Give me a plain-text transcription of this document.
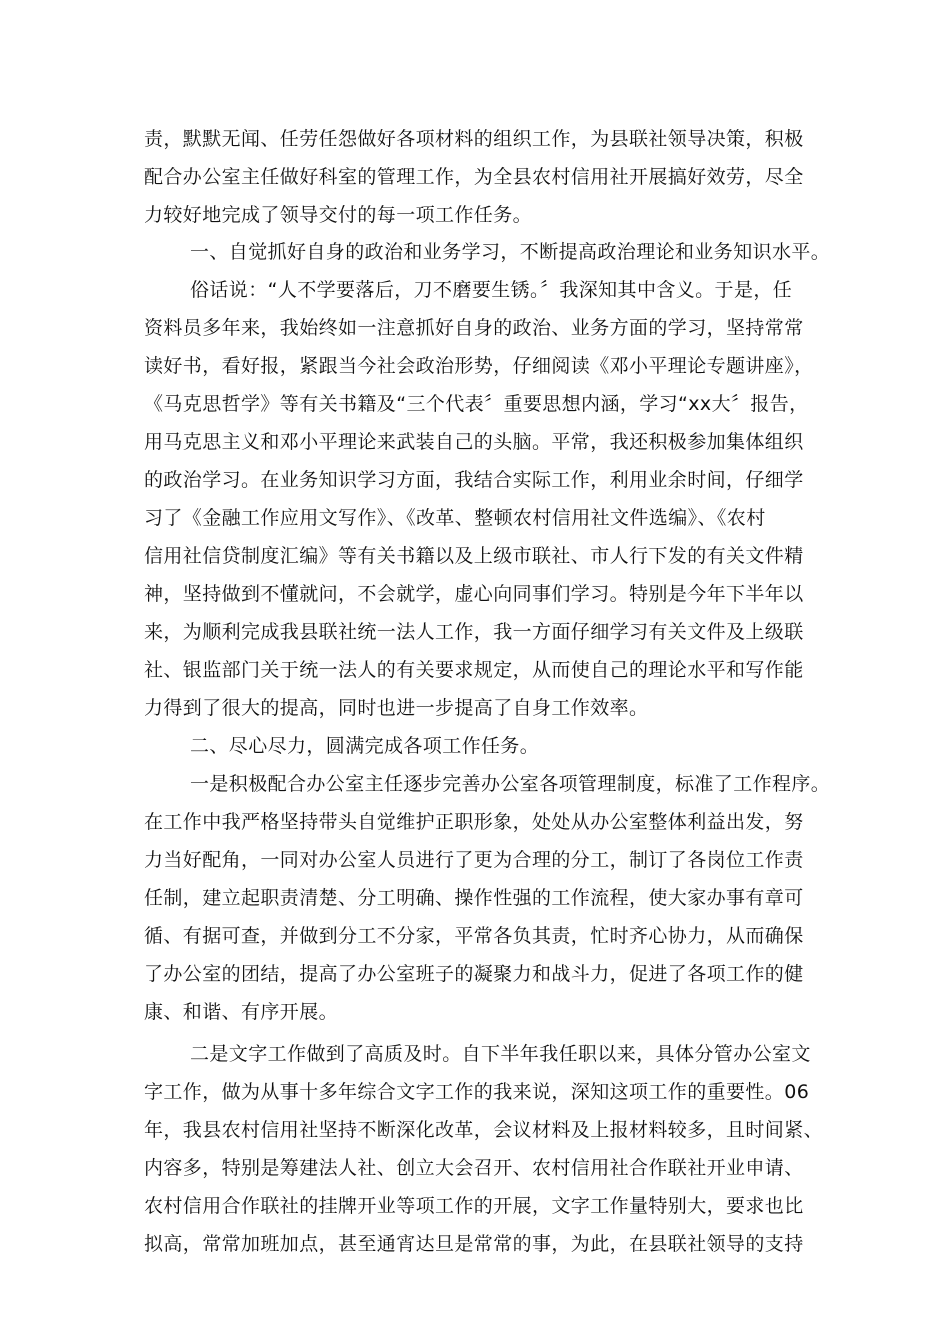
责，默默无闻、任劳任怨做好各项材料的组织工作，为县联社领导决策，积极
配合办公室主任做好科室的管理工作，为全县农村信用社开展搞好效劳，尽全
力较好地完成了领导交付的每一项工作任务。
一、自觉抓好自身的政治和业务学习，不断提高政治理论和业务知识水平。
俗话说：“人不学要落后，刀不磨要生锈。〞我深知其中含义。于是，任
资料员多年来，我始终如一注意抓好自身的政治、业务方面的学习，坚持常常
读好书，看好报，紧跟当今社会政治形势，仔细阅读《邓小平理论专题讲座》，
《马克思哲学》等有关书籍及“三个代表〞重要思想内涵，学习“xx大〞报告，
用马克思主义和邓小平理论来武装自己的头脑。平常，我还积极参加集体组织
的政治学习。在业务知识学习方面，我结合实际工作，利用业余时间，仔细学
习了《金融工作应用文写作》、《改革、整顿农村信用社文件选编》、《农村
信用社信贷制度汇编》等有关书籍以及上级市联社、市人行下发的有关文件精
神，坚持做到不懂就问，不会就学，虚心向同事们学习。特别是今年下半年以
来，为顺利完成我县联社统一法人工作，我一方面仔细学习有关文件及上级联
社、银监部门关于统一法人的有关要求规定，从而使自己的理论水平和写作能
力得到了很大的提高，同时也进一步提高了自身工作效率。
二、尽心尽力，圆满完成各项工作任务。
一是积极配合办公室主任逐步完善办公室各项管理制度，标准了工作程序。
在工作中我严格坚持带头自觉维护正职形象，处处从办公室整体利益出发，努
力当好配角，一同对办公室人员进行了更为合理的分工，制订了各岗位工作责
任制，建立起职责清楚、分工明确、操作性强的工作流程，使大家办事有章可
循、有据可查，并做到分工不分家，平常各负其责，忙时齐心协力，从而确保
了办公室的团结，提高了办公室班子的凝聚力和战斗力，促进了各项工作的健
康、和谐、有序开展。
二是文字工作做到了高质及时。自下半年我任职以来，具体分管办公室文
字工作，做为从事十多年综合文字工作的我来说，深知这项工作的重要性。06
年，我县农村信用社坚持不断深化改革，会议材料及上报材料较多，且时间紧、
内容多，特别是筹建法人社、创立大会召开、农村信用社合作联社开业申请、
农村信用合作联社的挂牌开业等项工作的开展，文字工作量特别大，要求也比
拟高，常常加班加点，甚至通宵达旦是常常的事，为此，在县联社领导的支持
